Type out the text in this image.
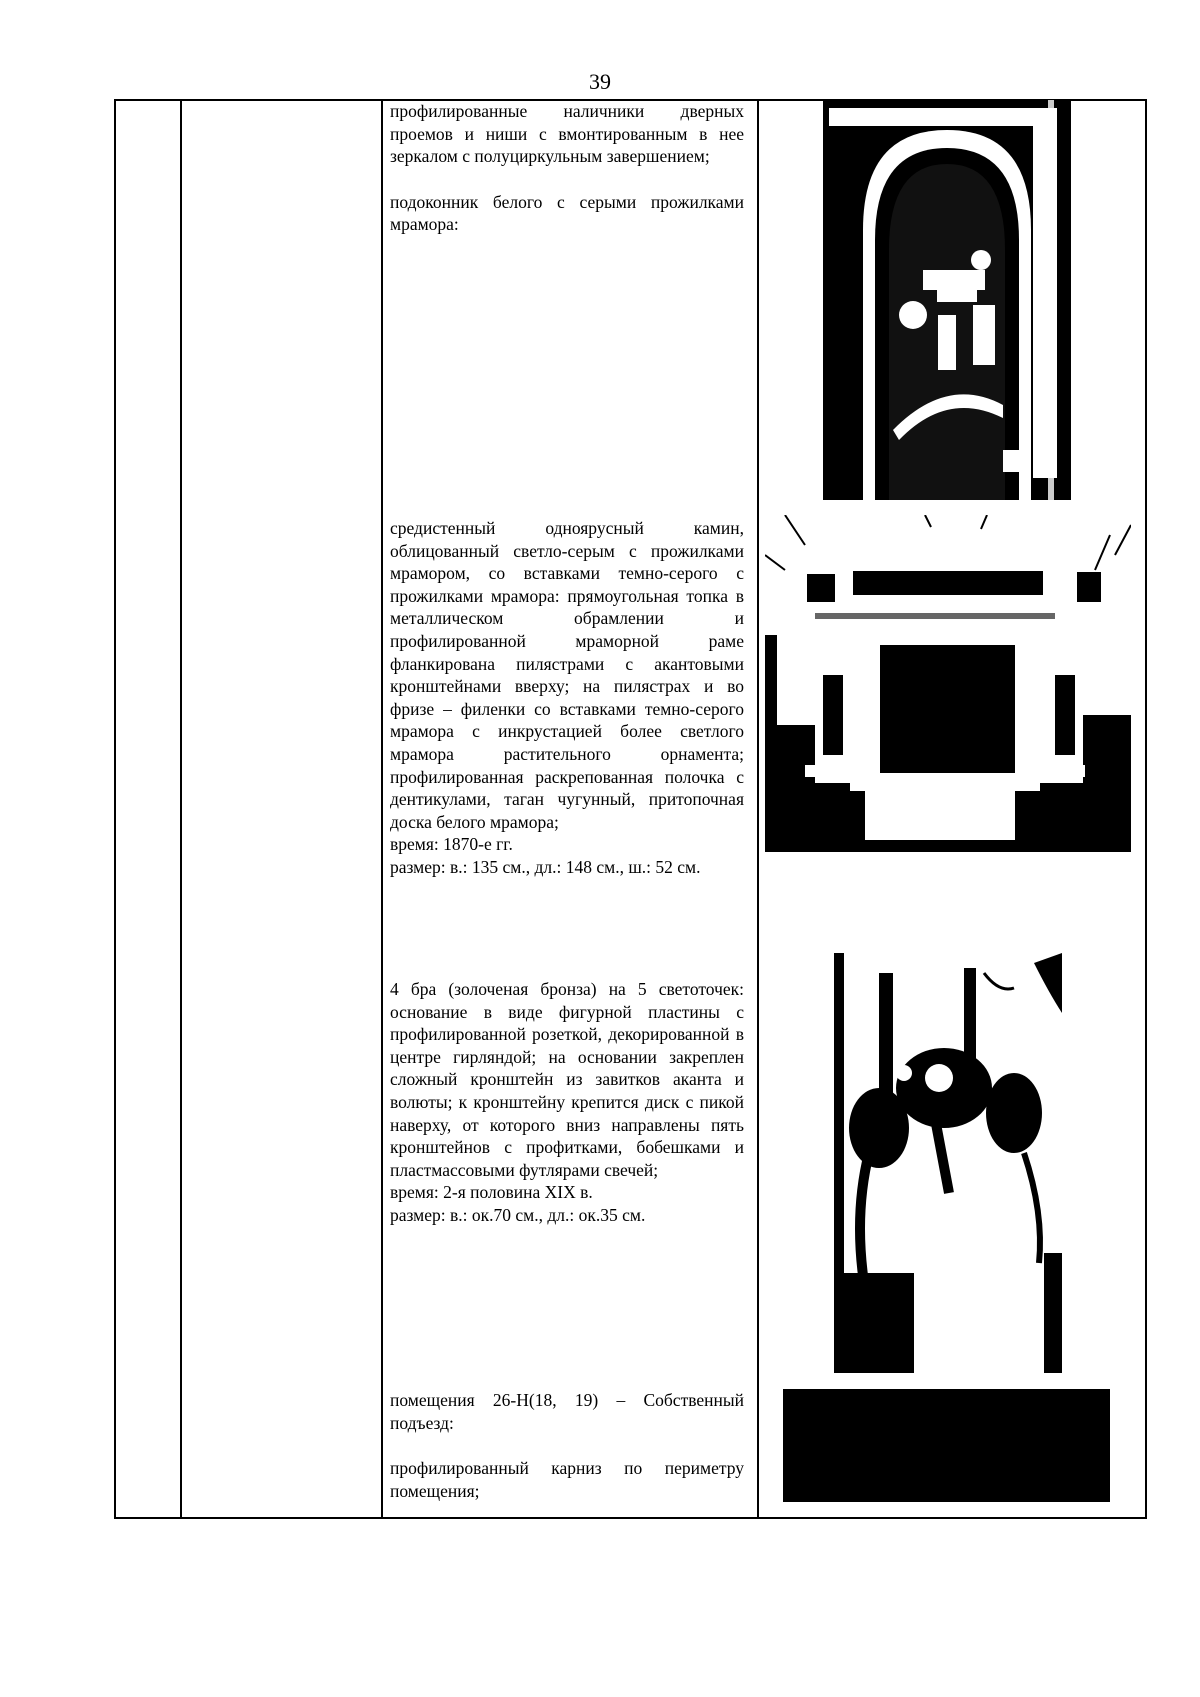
39

профилированные наличники дверных проемов и ниши с вмонтированным в нее зеркалом с полуциркульным завершением;

подоконник белого с серыми прожилками мрамора:

средистенный одноярусный камин, облицованный светло-серым с прожилками мрамором, со вставками темно-серого с прожилками мрамора: прямоугольная топка в металлическом обрамлении и профилированной мраморной раме фланкирована пилястрами с акантовыми кронштейнами вверху; на пилястрах и во фризе – филенки со вставками темно-серого мрамора с инкрустацией более светлого мрамора растительного орнамента; профилированная раскрепованная полочка с дентикулами, таган чугунный, притопочная доска белого мрамора;

время: 1870-е гг.

размер: в.: 135 см., дл.: 148 см., ш.: 52 см.

4 бра (золоченая бронза) на 5 светоточек: основание в виде фигурной пластины с профилированной розеткой, декорированной в центре гирляндой; на основании закреплен сложный кронштейн из завитков аканта и волюты; к кронштейну крепится диск с пикой наверху, от которого вниз направлены пять кронштейнов с профитками, бобешками и пластмассовыми футлярами свечей;

время: 2-я половина XIX в.

размер: в.: ок.70 см., дл.: ок.35 см.

помещения 26-Н(18, 19) – Собственный подъезд:

профилированный карниз по периметру помещения;
